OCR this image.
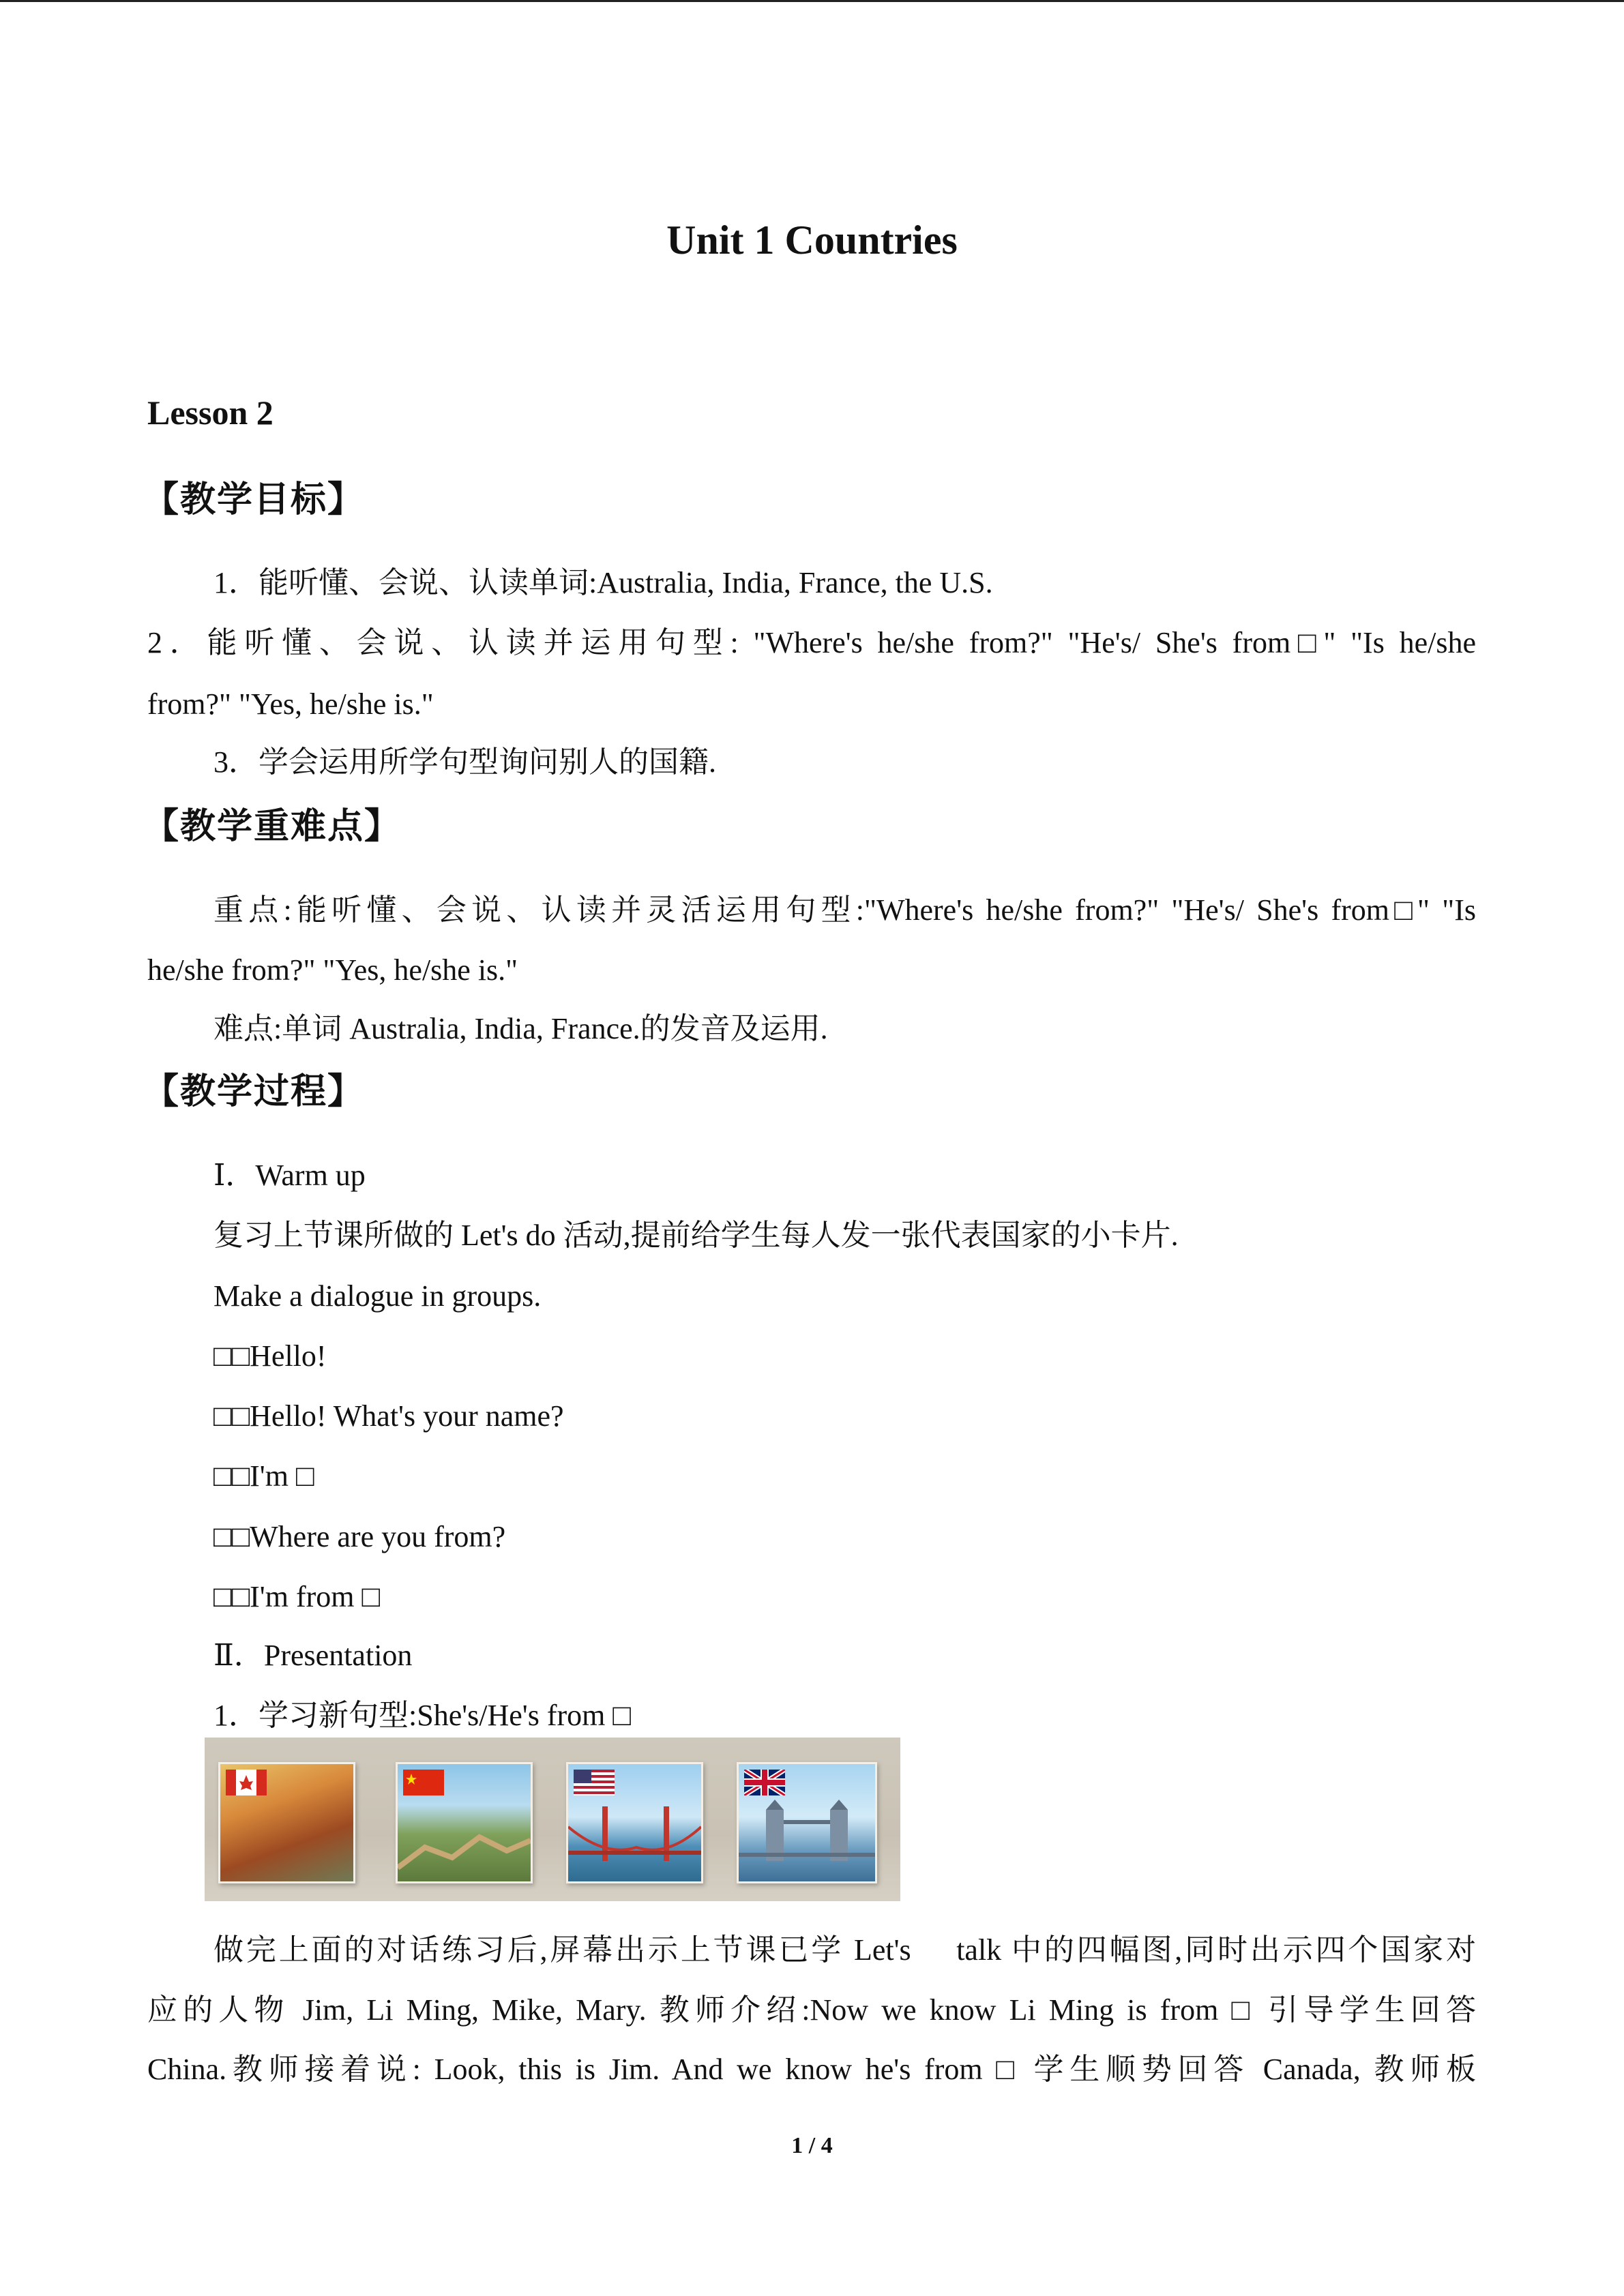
Unit 1 Countries
Lesson 2
【教学目标】
1．能听懂、会说、认读单词:Australia, India, France, the U.S.
2．能听懂、会说、认读并运用句型: "Where's he/she from?" "He's/ She's from□" "Is he/she
from?" "Yes, he/she is."
3．学会运用所学句型询问别人的国籍.
【教学重难点】
重点:能听懂、会说、认读并灵活运用句型:"Where's he/she from?" "He's/ She's from□" "Is
he/she from?" "Yes, he/she is."
难点:单词 Australia, India, France.的发音及运用.
【教学过程】
Ⅰ．Warm up
复习上节课所做的 Let's do 活动,提前给学生每人发一张代表国家的小卡片.
Make a dialogue in groups.
□□Hello!
□□Hello! What's your name?
□□I'm □
□□Where are you from?
□□I'm from □
Ⅱ．Presentation
1．学习新句型:She's/He's from □
做完上面的对话练习后,屏幕出示上节课已学 Let's　 talk 中的四幅图,同时出示四个国家对
应的人物 Jim, Li Ming, Mike, Mary. 教师介绍:Now we know Li Ming is from □ 引导学生回答
China.教师接着说: Look, this is Jim. And we know he's from □ 学生顺势回答 Canada, 教师板
1 / 4
